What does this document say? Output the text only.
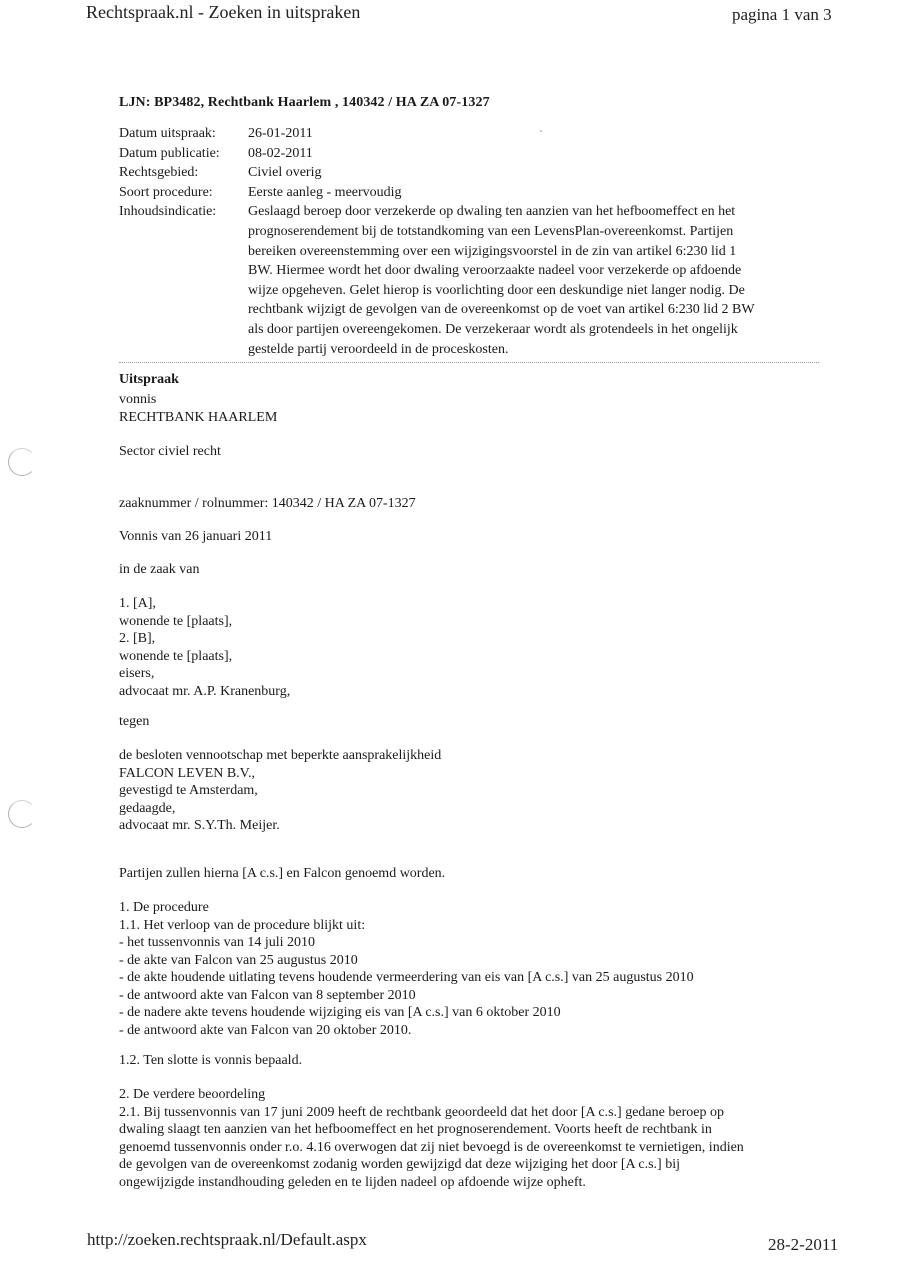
Rechtspraak.nl - Zoeken in uitspraken	pagina 1 van 3
LJN: BP3482, Rechtbank Haarlem , 140342 / HA ZA 07-1327
Datum uitspraak:	26-01-2011
Datum publicatie:	08-02-2011
Rechtsgebied:	Civiel overig
Soort procedure:	Eerste aanleg - meervoudig
Inhoudsindicatie:	Geslaagd beroep door verzekerde op dwaling ten aanzien van het hefboomeffect en het
prognoserendement bij de totstandkoming van een LevensPlan-overeenkomst. Partijen
bereiken overeenstemming over een wijzigingsvoorstel in de zin van artikel 6:230 lid 1
BW. Hiermee wordt het door dwaling veroorzaakte nadeel voor verzekerde op afdoende
wijze opgeheven. Gelet hierop is voorlichting door een deskundige niet langer nodig. De
rechtbank wijzigt de gevolgen van de overeenkomst op de voet van artikel 6:230 lid 2 BW
als door partijen overeengekomen. De verzekeraar wordt als grotendeels in het ongelijk
gestelde partij veroordeeld in de proceskosten.
Uitspraak
vonnis
RECHTBANK HAARLEM
Sector civiel recht
zaaknummer / rolnummer: 140342 / HA ZA 07-1327
Vonnis van 26 januari 2011
in de zaak van
1. [A],
wonende te [plaats],
2. [B],
wonende te [plaats],
eisers,
advocaat mr. A.P. Kranenburg,
tegen
de besloten vennootschap met beperkte aansprakelijkheid
FALCON LEVEN B.V.,
gevestigd te Amsterdam,
gedaagde,
advocaat mr. S.Y.Th. Meijer.
Partijen zullen hierna [A c.s.] en Falcon genoemd worden.
1. De procedure
1.1. Het verloop van de procedure blijkt uit:
- het tussenvonnis van 14 juli 2010
- de akte van Falcon van 25 augustus 2010
- de akte houdende uitlating tevens houdende vermeerdering van eis van [A c.s.] van 25 augustus 2010
- de antwoord akte van Falcon van 8 september 2010
- de nadere akte tevens houdende wijziging eis van [A c.s.] van 6 oktober 2010
- de antwoord akte van Falcon van 20 oktober 2010.
1.2. Ten slotte is vonnis bepaald.
2. De verdere beoordeling
2.1. Bij tussenvonnis van 17 juni 2009 heeft de rechtbank geoordeeld dat het door [A c.s.] gedane beroep op
dwaling slaagt ten aanzien van het hefboomeffect en het prognoserendement. Voorts heeft de rechtbank in
genoemd tussenvonnis onder r.o. 4.16 overwogen dat zij niet bevoegd is de overeenkomst te vernietigen, indien
de gevolgen van de overeenkomst zodanig worden gewijzigd dat deze wijziging het door [A c.s.] bij
ongewijzigde instandhouding geleden en te lijden nadeel op afdoende wijze opheft.
http://zoeken.rechtspraak.nl/Default.aspx	28-2-2011
